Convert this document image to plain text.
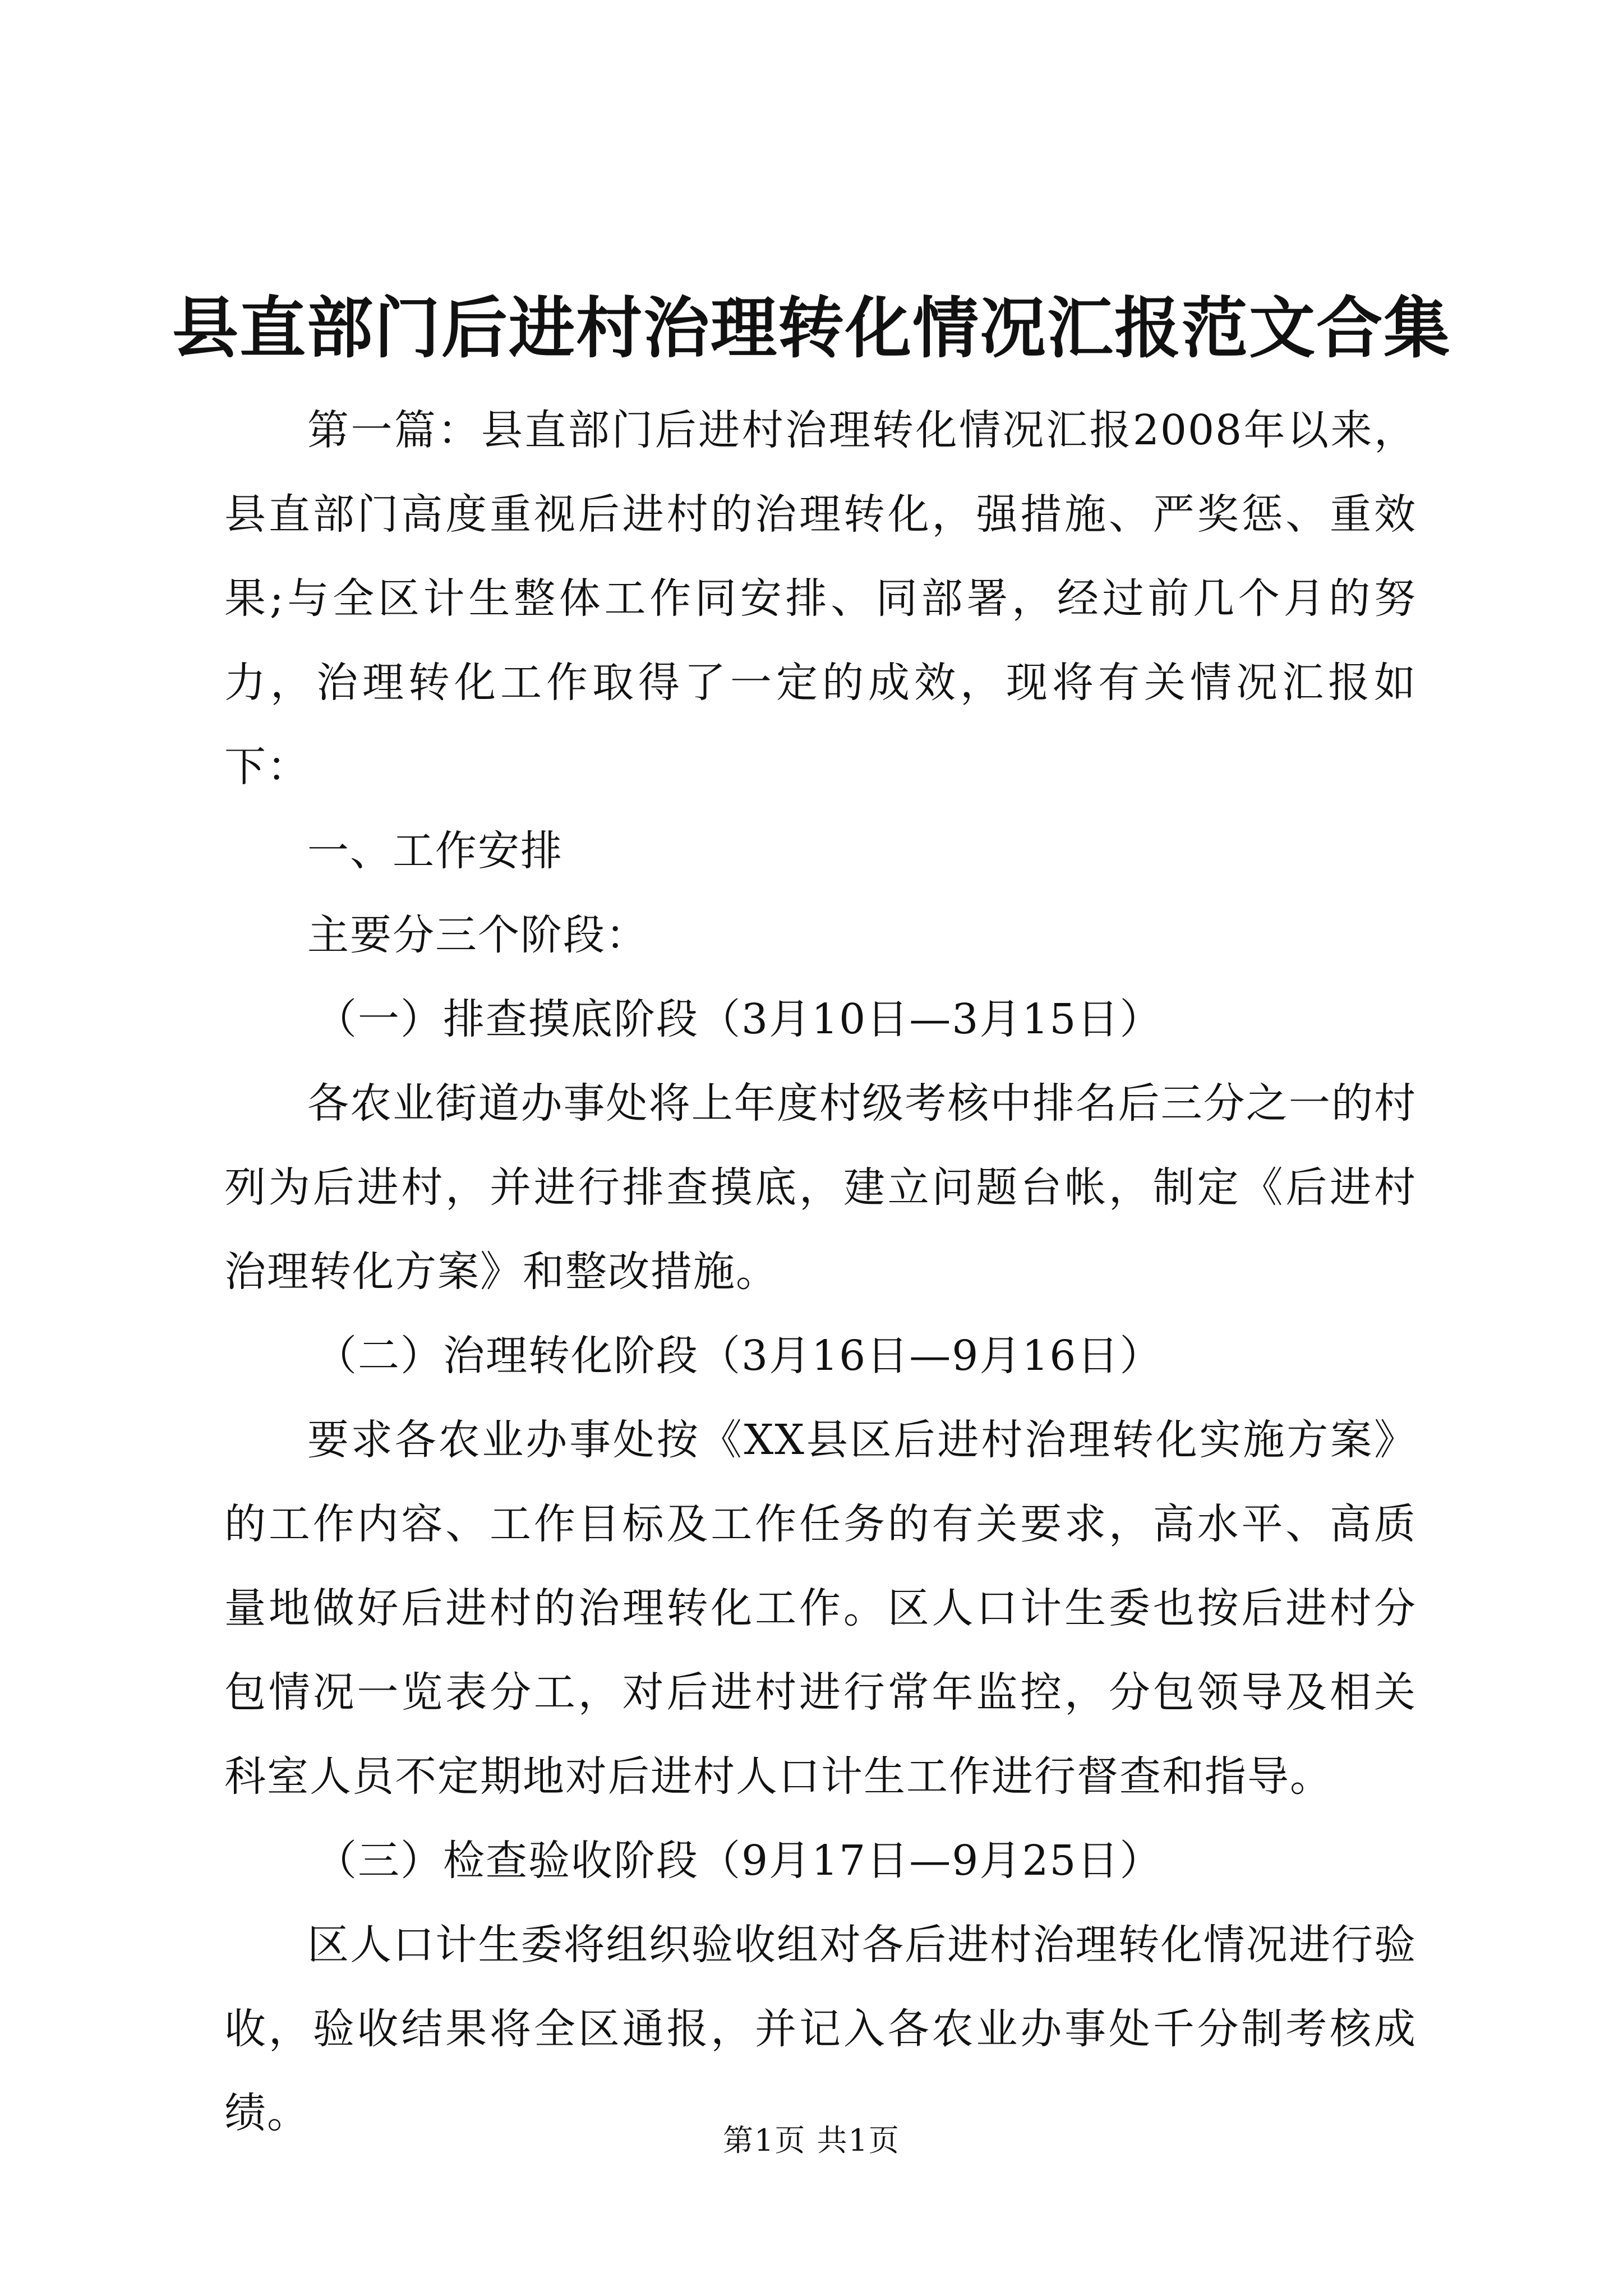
县直部门后进村治理转化情况汇报范文合集

第一篇：县直部门后进村治理转化情况汇报2008年以来，县直部门高度重视后进村的治理转化，强措施、严奖惩、重效果;与全区计生整体工作同安排、同部署，经过前几个月的努力，治理转化工作取得了一定的成效，现将有关情况汇报如下：

一、工作安排

主要分三个阶段：

（一）排查摸底阶段（3月10日—3月15日）

各农业街道办事处将上年度村级考核中排名后三分之一的村列为后进村，并进行排查摸底，建立问题台帐，制定《后进村治理转化方案》和整改措施。

（二）治理转化阶段（3月16日—9月16日）

要求各农业办事处按《XX县区后进村治理转化实施方案》的工作内容、工作目标及工作任务的有关要求，高水平、高质量地做好后进村的治理转化工作。区人口计生委也按后进村分包情况一览表分工，对后进村进行常年监控，分包领导及相关科室人员不定期地对后进村人口计生工作进行督查和指导。

（三）检查验收阶段（9月17日—9月25日）

区人口计生委将组织验收组对各后进村治理转化情况进行验收，验收结果将全区通报，并记入各农业办事处千分制考核成绩。

第1页 共1页
